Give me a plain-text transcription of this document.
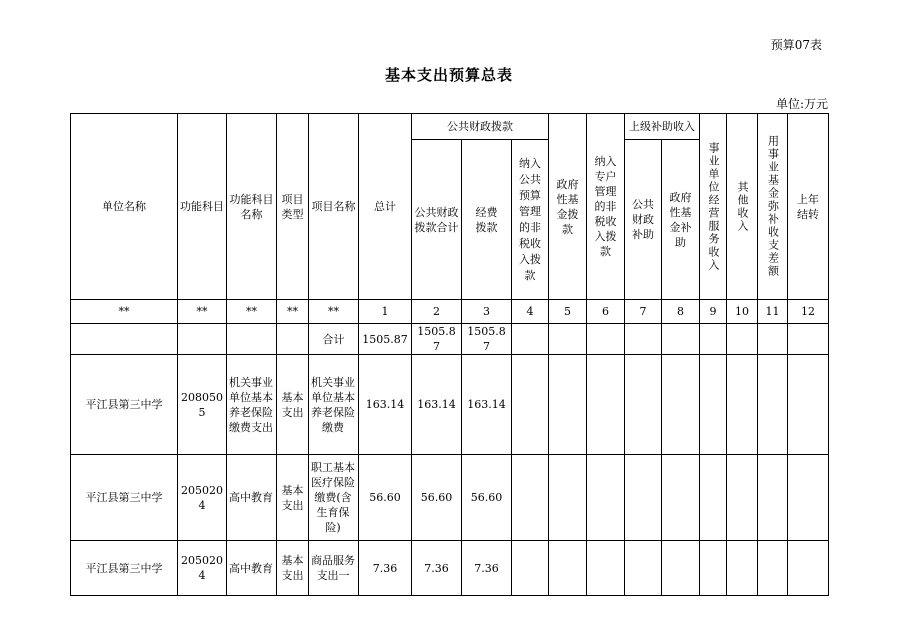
预算07表
基本支出预算总表
单位:万元
单位名称	功能科目	功能科目名称	项目类型	项目名称	总计	公共财政拨款			政府性基金拨款	纳入专户管理的非税收入拨款	上级补助收入		事业单位经营服务收入	其他收入	用事业基金弥补收支差额	上年结转

						公共财政拨款合计	经费拨款	纳入公共预算管理的非税收入拨款			公共财政补助	政府性基金补助				

**	**	**	**	**	1	2	3	4	5	6	7	8	9	10	11	12
				合计	1505.87	1505.87	1505.87									
平江县第三中学	2080505	机关事业单位基本养老保险缴费支出	基本支出	机关事业单位基本养老保险缴费	163.14	163.14	163.14									
平江县第三中学	2050204	高中教育	基本支出	职工基本医疗保险缴费(含生育保险)	56.60	56.60	56.60									
平江县第三中学	2050204	高中教育	基本支出	商品服务支出一	7.36	7.36	7.36									
